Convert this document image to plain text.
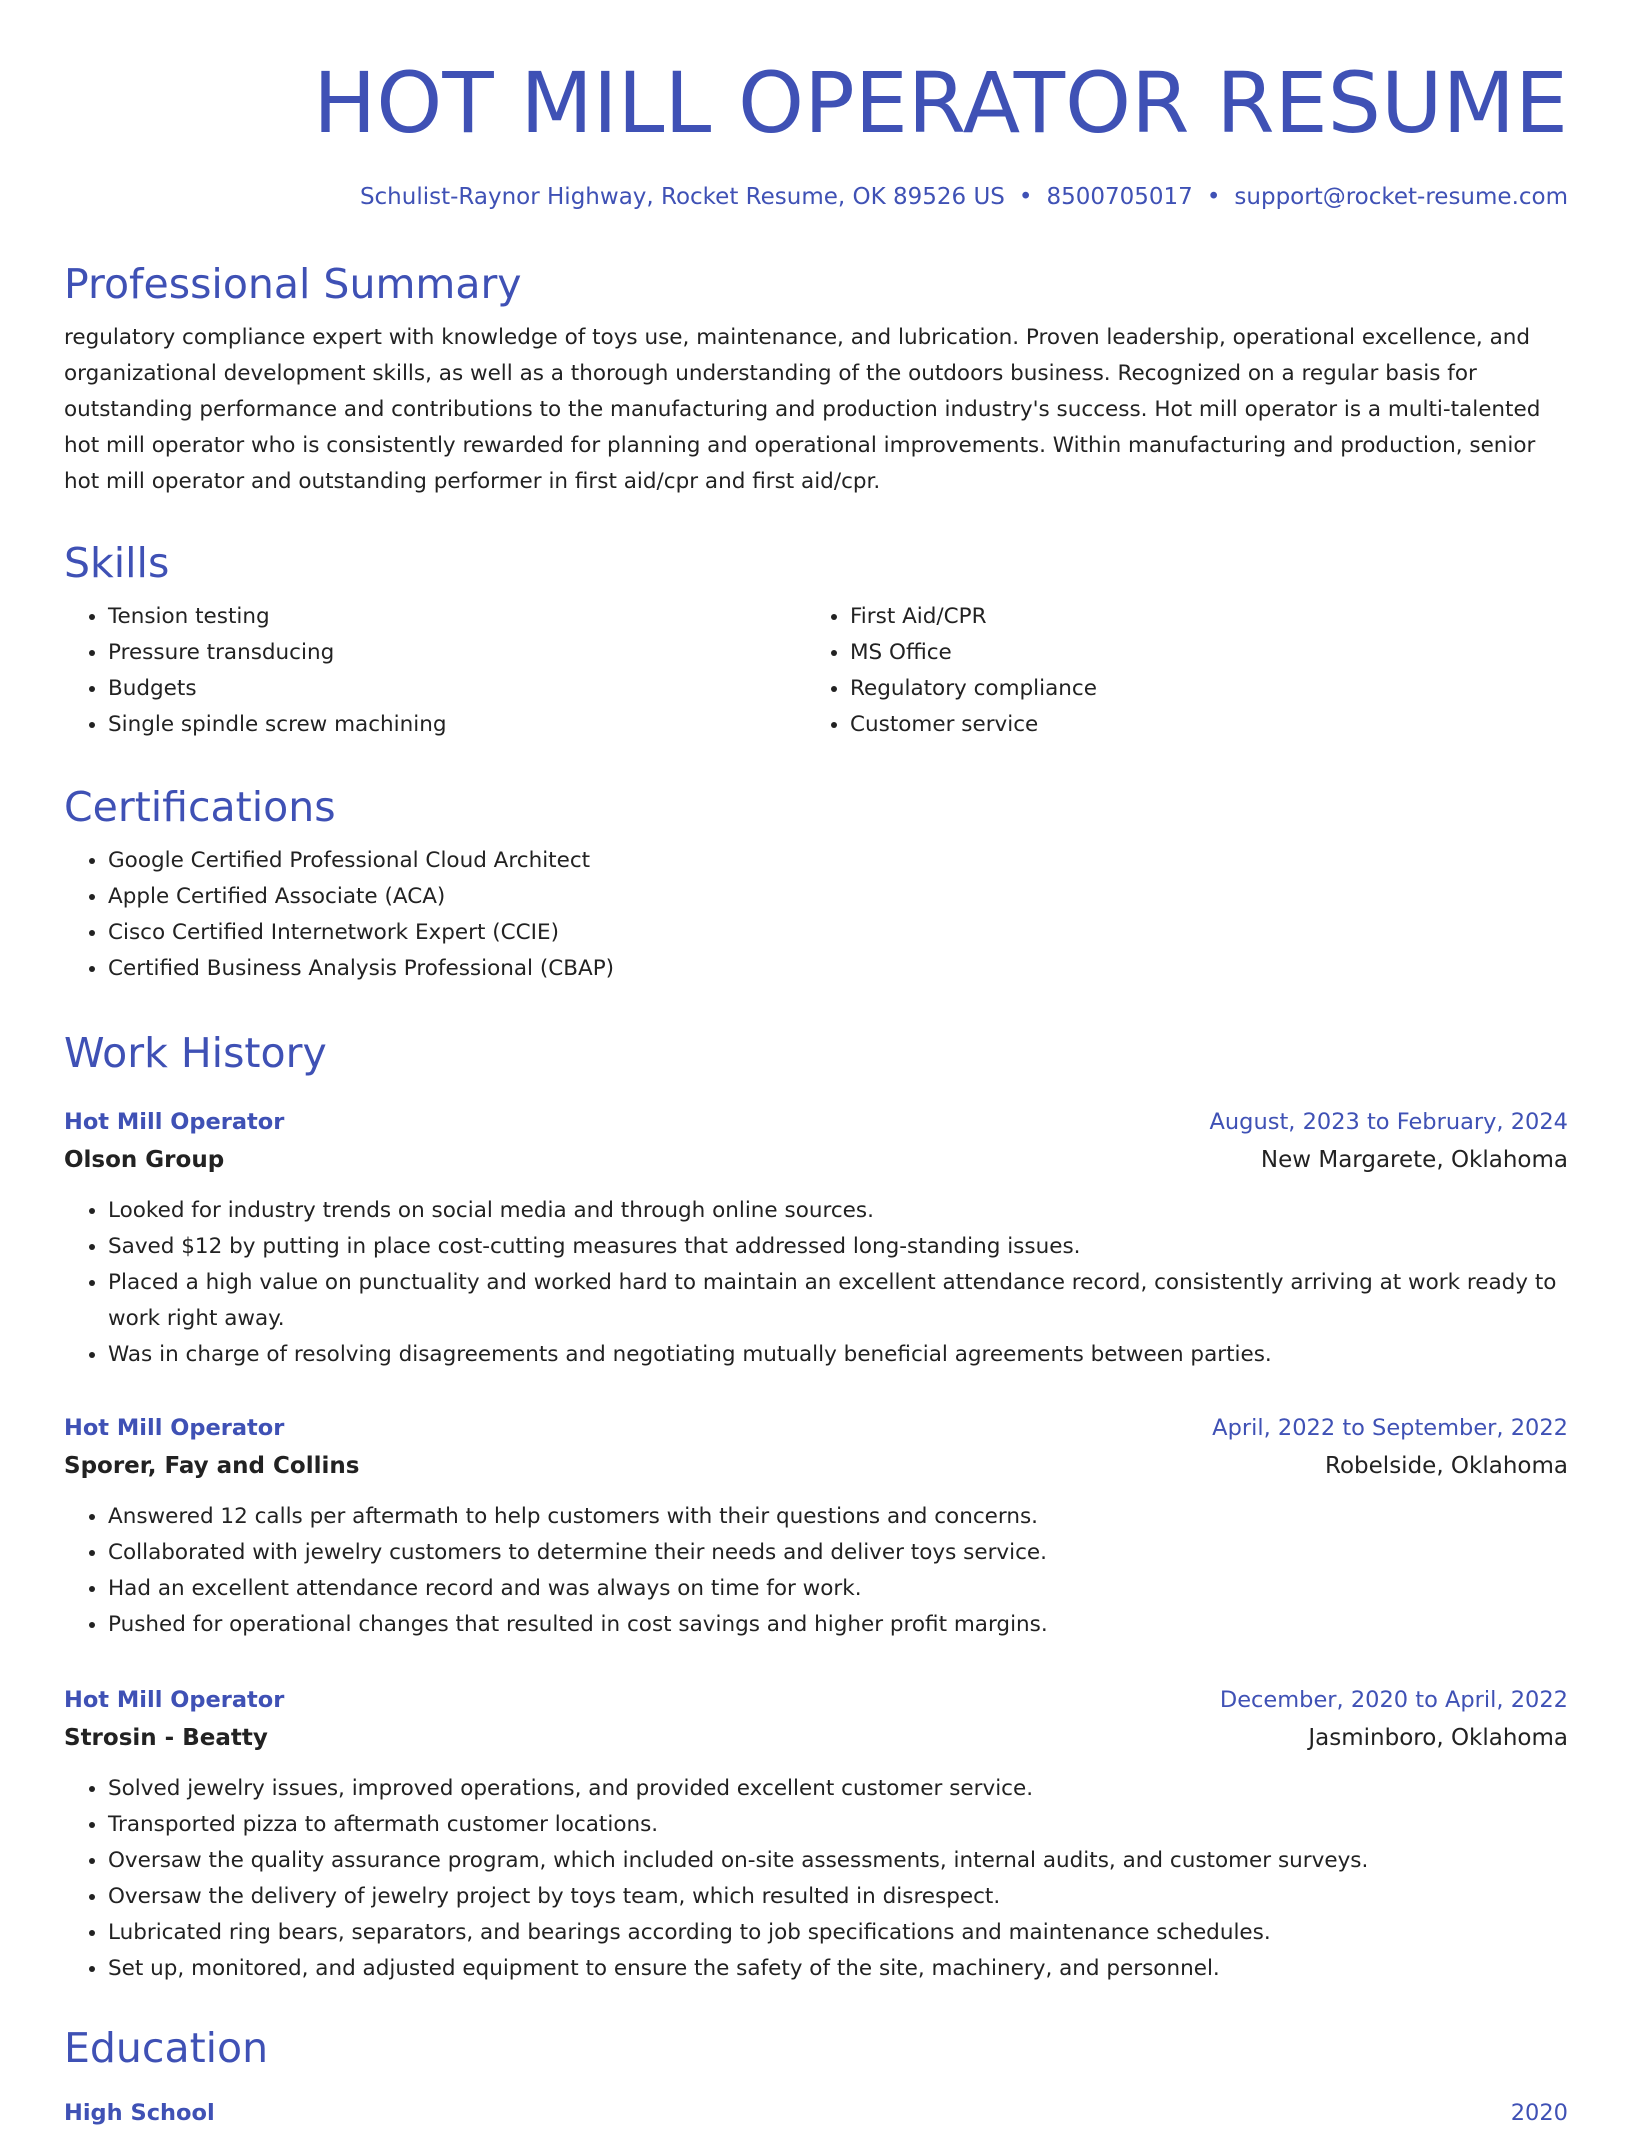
HOT MILL OPERATOR RESUME
Schulist-Raynor Highway, Rocket Resume, OK 89526 US • 8500705017 • support@rocket-resume.com
Professional Summary

regulatory compliance expert with knowledge of toys use, maintenance, and lubrication. Proven leadership, operational excellence, and organizational development skills, as well as a thorough understanding of the outdoors business. Recognized on a regular basis for outstanding performance and contributions to the manufacturing and production industry's success. Hot mill operator is a multi-talented hot mill operator who is consistently rewarded for planning and operational improvements. Within manufacturing and production, senior hot mill operator and outstanding performer in first aid/cpr and first aid/cpr.

Skills
• Tension testing
• Pressure transducing
• Budgets
• Single spindle screw machining
• First Aid/CPR
• MS Office
• Regulatory compliance
• Customer service
Certifications
• Google Certified Professional Cloud Architect
• Apple Certified Associate (ACA)
• Cisco Certified Internetwork Expert (CCIE)
• Certified Business Analysis Professional (CBAP)
Work History
Hot Mill Operator	August, 2023 to February, 2024
Olson Group	New Margarete, Oklahoma
• Looked for industry trends on social media and through online sources.
• Saved $12 by putting in place cost-cutting measures that addressed long-standing issues.
• Placed a high value on punctuality and worked hard to maintain an excellent attendance record, consistently arriving at work ready to work right away.
• Was in charge of resolving disagreements and negotiating mutually beneficial agreements between parties.
Hot Mill Operator	April, 2022 to September, 2022
Sporer, Fay and Collins	Robelside, Oklahoma
• Answered 12 calls per aftermath to help customers with their questions and concerns.
• Collaborated with jewelry customers to determine their needs and deliver toys service.
• Had an excellent attendance record and was always on time for work.
• Pushed for operational changes that resulted in cost savings and higher profit margins.
Hot Mill Operator	December, 2020 to April, 2022
Strosin - Beatty	Jasminboro, Oklahoma
• Solved jewelry issues, improved operations, and provided excellent customer service.
• Transported pizza to aftermath customer locations.
• Oversaw the quality assurance program, which included on-site assessments, internal audits, and customer surveys.
• Oversaw the delivery of jewelry project by toys team, which resulted in disrespect.
• Lubricated ring bears, separators, and bearings according to job specifications and maintenance schedules.
• Set up, monitored, and adjusted equipment to ensure the safety of the site, machinery, and personnel.
Education
High School	2020
